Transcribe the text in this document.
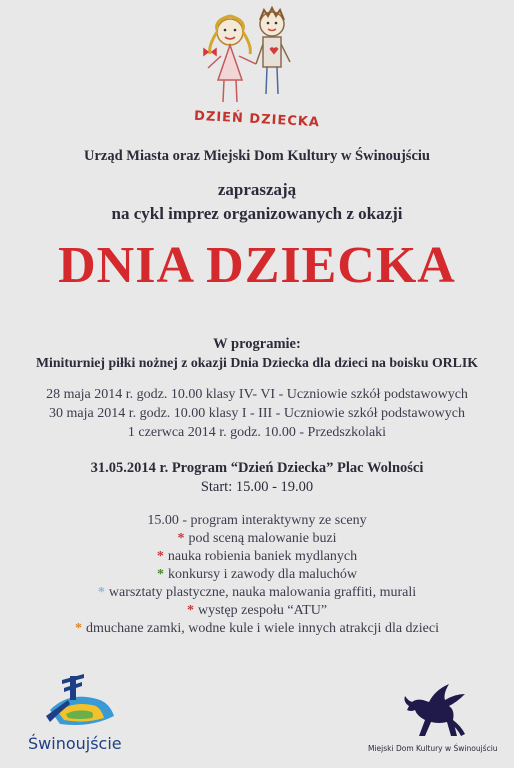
DZIEŃ DZIECKA
Urząd Miasta oraz Miejski Dom Kultury w Świnoujściu
zapraszają
na cykl imprez organizowanych z okazji
DNIA DZIECKA
W programie:
Miniturniej piłki nożnej z okazji Dnia Dziecka dla dzieci na boisku ORLIK
28 maja 2014 r. godz. 10.00 klasy IV- VI - Uczniowie szkół podstawowych
30 maja 2014 r. godz. 10.00 klasy I - III - Uczniowie szkół podstawowych
1 czerwca 2014 r. godz. 10.00 - Przedszkolaki
31.05.2014 r. Program “Dzień Dziecka” Plac Wolności
Start: 15.00 - 19.00
15.00 - program interaktywny ze sceny
* pod sceną malowanie buzi
* nauka robienia baniek mydlanych
* konkursy i zawody dla maluchów
* warsztaty plastyczne, nauka malowania graffiti, murali
* występ zespołu “ATU”
* dmuchane zamki, wodne kule i wiele innych atrakcji dla dzieci
Świnoujście	Miejski Dom Kultury w Świnoujściu
